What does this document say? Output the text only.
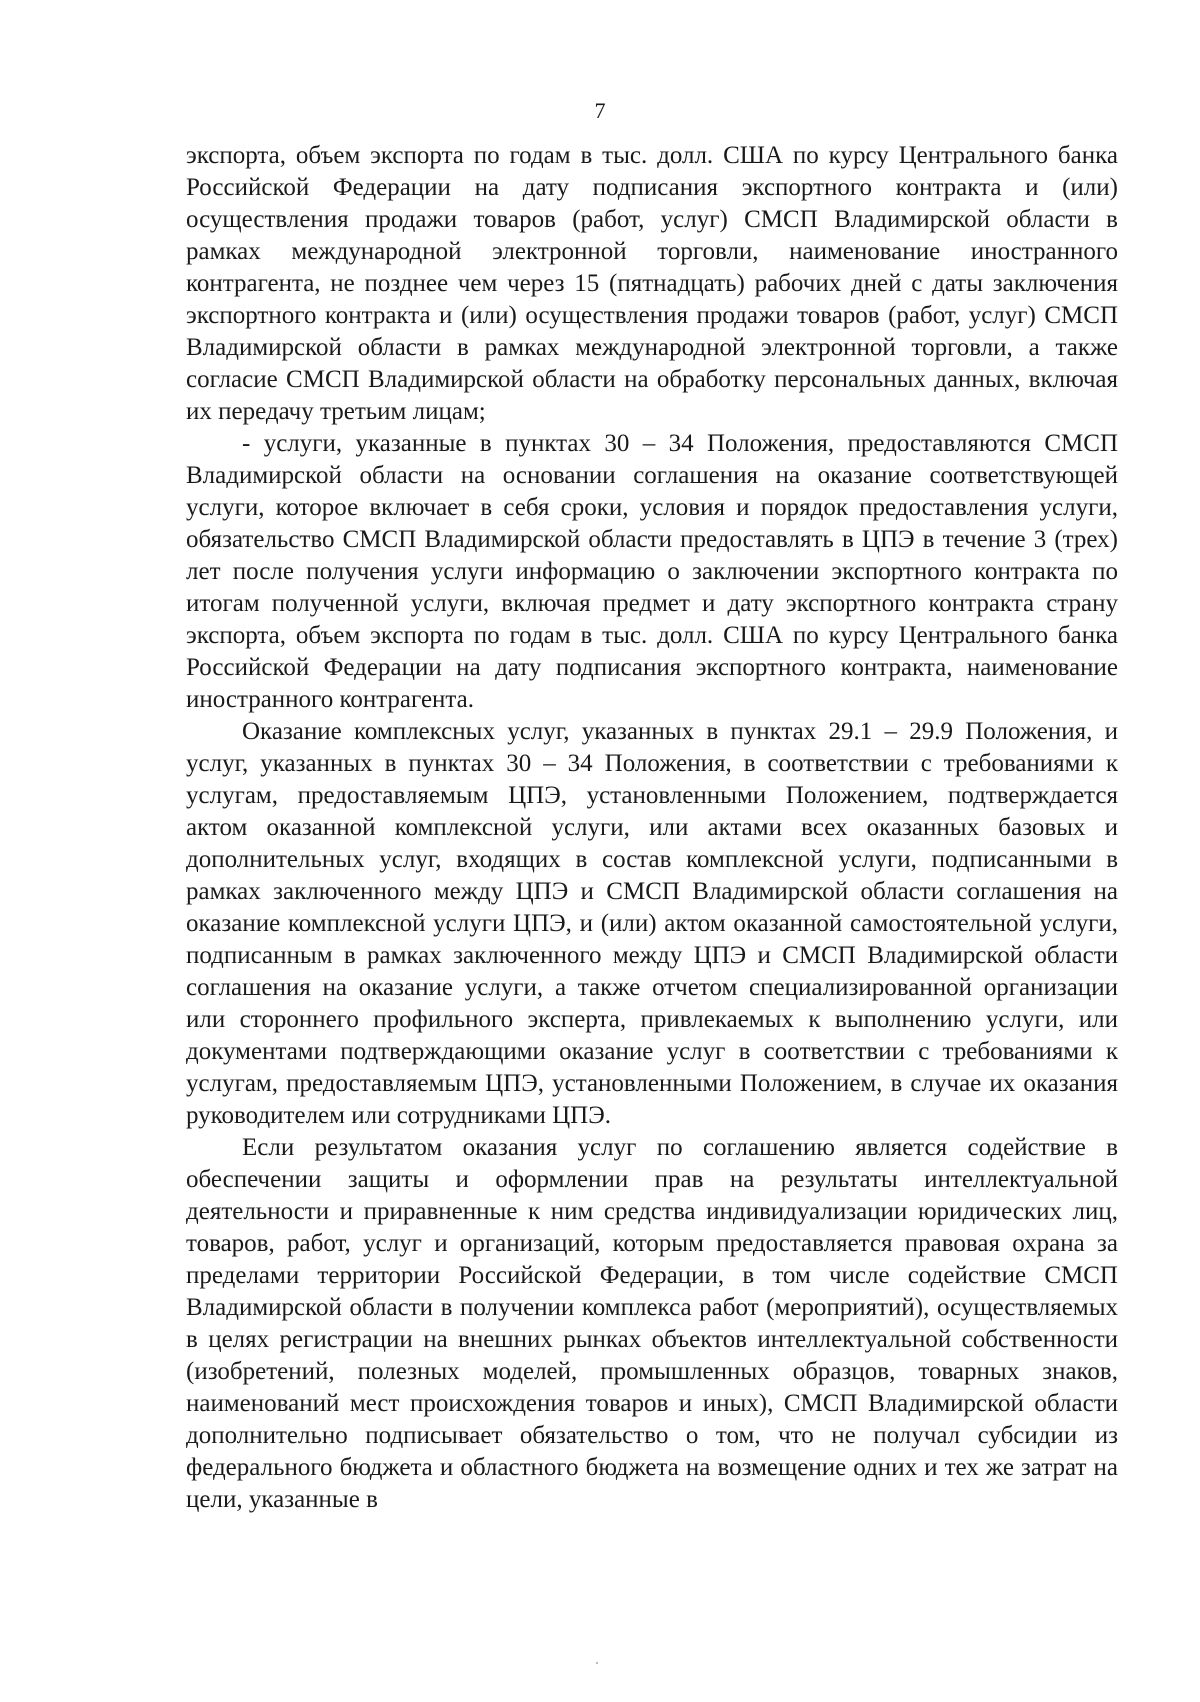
7

экспорта, объем экспорта по годам в тыс. долл. США по курсу Центрального банка Российской Федерации на дату подписания экспортного контракта и (или) осуществления продажи товаров (работ, услуг) СМСП Владимирской области в рамках международной электронной торговли, наименование иностранного контрагента, не позднее чем через 15 (пятнадцать) рабочих дней с даты заключения экспортного контракта и (или) осуществления продажи товаров (работ, услуг) СМСП Владимирской области в рамках международной электронной торговли, а также согласие СМСП Владимирской области на обработку персональных данных, включая их передачу третьим лицам;

- услуги, указанные в пунктах 30 – 34 Положения, предоставляются СМСП Владимирской области на основании соглашения на оказание соответствующей услуги, которое включает в себя сроки, условия и порядок предоставления услуги, обязательство СМСП Владимирской области предоставлять в ЦПЭ в течение 3 (трех) лет после получения услуги информацию о заключении экспортного контракта по итогам полученной услуги, включая предмет и дату экспортного контракта страну экспорта, объем экспорта по годам в тыс. долл. США по курсу Центрального банка Российской Федерации на дату подписания экспортного контракта, наименование иностранного контрагента.

Оказание комплексных услуг, указанных в пунктах 29.1 – 29.9 Положения, и услуг, указанных в пунктах 30 – 34 Положения, в соответствии с требованиями к услугам, предоставляемым ЦПЭ, установленными Положением, подтверждается актом оказанной комплексной услуги, или актами всех оказанных базовых и дополнительных услуг, входящих в состав комплексной услуги, подписанными в рамках заключенного между ЦПЭ и СМСП Владимирской области соглашения на оказание комплексной услуги ЦПЭ, и (или) актом оказанной самостоятельной услуги, подписанным в рамках заключенного между ЦПЭ и СМСП Владимирской области соглашения на оказание услуги, а также отчетом специализированной организации или стороннего профильного эксперта, привлекаемых к выполнению услуги, или документами подтверждающими оказание услуг в соответствии с требованиями к услугам, предоставляемым ЦПЭ, установленными Положением, в случае их оказания руководителем или сотрудниками ЦПЭ.

Если результатом оказания услуг по соглашению является содействие в обеспечении защиты и оформлении прав на результаты интеллектуальной деятельности и приравненные к ним средства индивидуализации юридических лиц, товаров, работ, услуг и организаций, которым предоставляется правовая охрана за пределами территории Российской Федерации, в том числе содействие СМСП Владимирской области в получении комплекса работ (мероприятий), осуществляемых в целях регистрации на внешних рынках объектов интеллектуальной собственности (изобретений, полезных моделей, промышленных образцов, товарных знаков, наименований мест происхождения товаров и иных), СМСП Владимирской области дополнительно подписывает обязательство о том, что не получал субсидии из федерального бюджета и областного бюджета на возмещение одних и тех же затрат на цели, указанные в
